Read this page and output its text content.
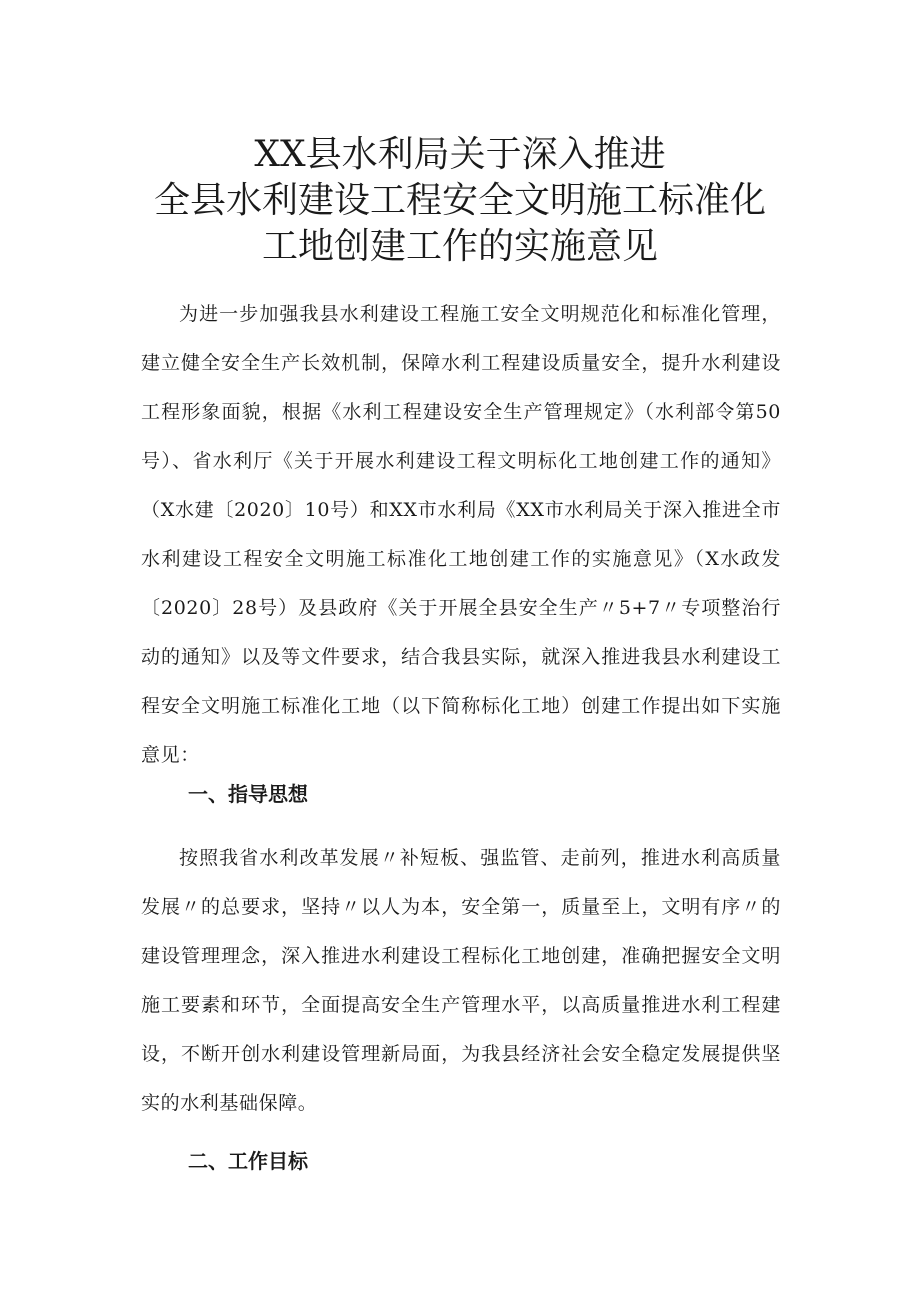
XX县水利局关于深入推进
全县水利建设工程安全文明施工标准化
工地创建工作的实施意见

为进一步加强我县水利建设工程施工安全文明规范化和标准化管理，建立健全安全生产长效机制，保障水利工程建设质量安全，提升水利建设工程形象面貌，根据《水利工程建设安全生产管理规定》（水利部令第50号）、省水利厅《关于开展水利建设工程文明标化工地创建工作的通知》（X水建〔2020〕10号）和XX市水利局《XX市水利局关于深入推进全市水利建设工程安全文明施工标准化工地创建工作的实施意见》（X水政发〔2020〕28号）及县政府《关于开展全县安全生产〃5+7〃专项整治行动的通知》以及等文件要求，结合我县实际，就深入推进我县水利建设工程安全文明施工标准化工地（以下简称标化工地）创建工作提出如下实施意见：

一、指导思想

按照我省水利改革发展〃补短板、强监管、走前列，推进水利高质量发展〃的总要求，坚持〃以人为本，安全第一，质量至上，文明有序〃的建设管理理念，深入推进水利建设工程标化工地创建，准确把握安全文明施工要素和环节，全面提高安全生产管理水平，以高质量推进水利工程建设，不断开创水利建设管理新局面，为我县经济社会安全稳定发展提供坚实的水利基础保障。

二、工作目标
